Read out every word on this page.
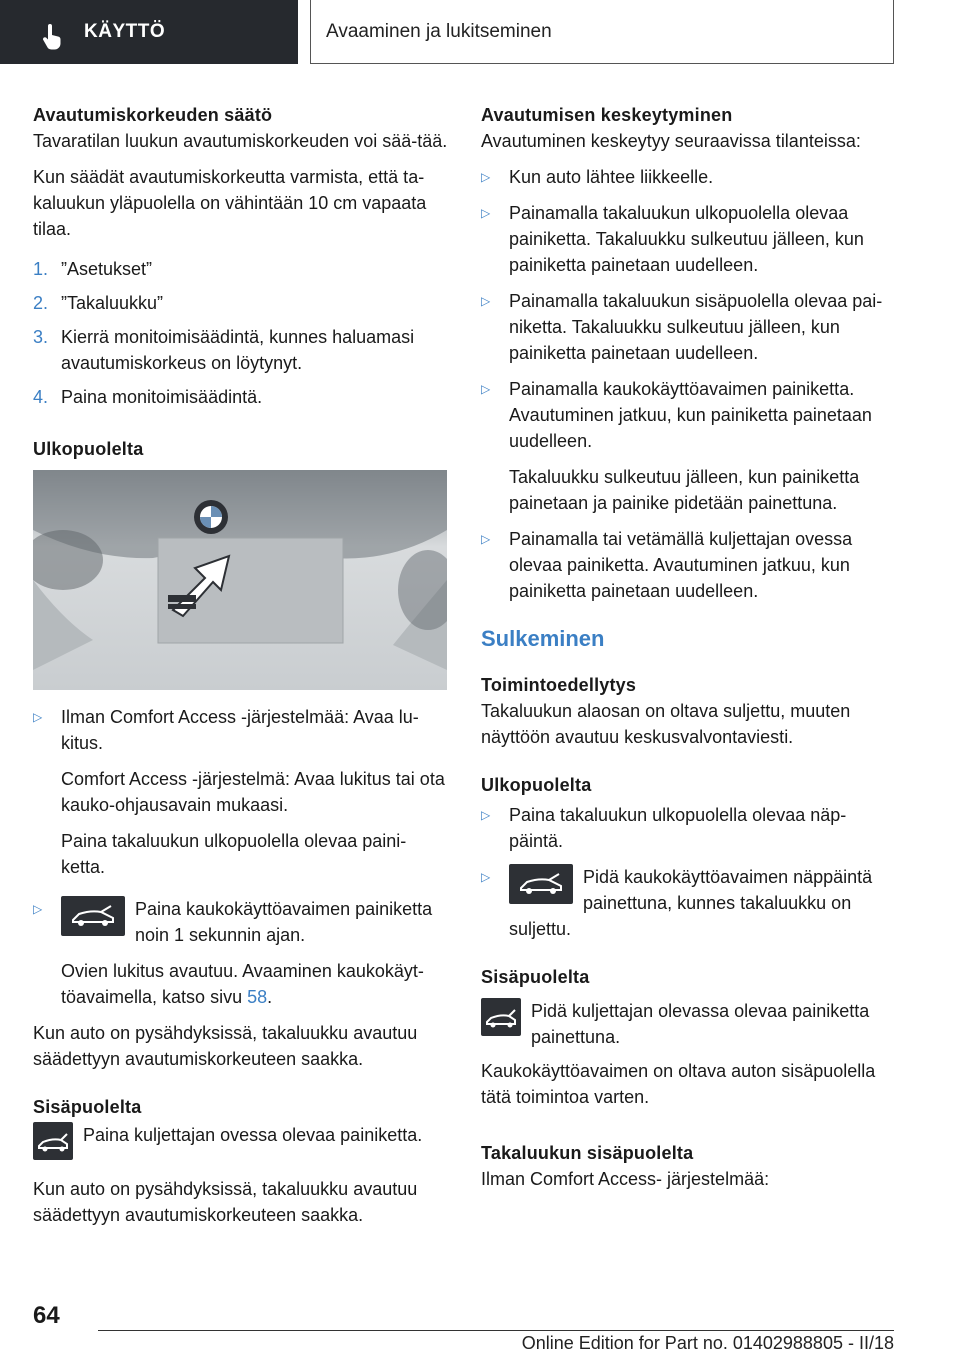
KÄYTTÖ	Avaaminen ja lukitseminen
Avautumiskorkeuden säätö

Tavaratilan luukun avautumiskorkeuden voi sää-tää.

Kun säädät avautumiskorkeutta varmista, että ta-kaluukun yläpuolella on vähintään 10 cm vapaata tilaa.

1. ”Asetukset”
2. ”Takaluukku”
3. Kierrä monitoimisäädintä, kunnes haluamasi avautumiskorkeus on löytynyt.
4. Paina monitoimisäädintä.
Ulkopuolelta
▷	Ilman Comfort Access -järjestelmää: Avaa lu-kitus.

Comfort Access -järjestelmä: Avaa lukitus tai ota kauko-ohjausavain mukaasi.

Paina takaluukun ulkopuolella olevaa paini-ketta.

▷	Paina kaukokäyttöavaimen painiketta noin 1 sekunnin ajan.

Ovien lukitus avautuu. Avaaminen kaukokäyt-töavaimella, katso sivu 58.

Kun auto on pysähdyksissä, takaluukku avautuu säädettyyn avautumiskorkeuteen saakka.

Sisäpuolelta
Paina kuljettajan ovessa olevaa painiketta.

Kun auto on pysähdyksissä, takaluukku avautuu säädettyyn avautumiskorkeuteen saakka.

Avautumisen keskeytyminen

Avautuminen keskeytyy seuraavissa tilanteissa:

▷	Kun auto lähtee liikkeelle.
▷	Painamalla takaluukun ulkopuolella olevaa painiketta. Takaluukku sulkeutuu jälleen, kun painiketta painetaan uudelleen.
▷	Painamalla takaluukun sisäpuolella olevaa pai-niketta. Takaluukku sulkeutuu jälleen, kun painiketta painetaan uudelleen.
▷	Painamalla kaukokäyttöavaimen painiketta. Avautuminen jatkuu, kun painiketta painetaan uudelleen.

Takaluukku sulkeutuu jälleen, kun painiketta painetaan ja painike pidetään painettuna.

▷	Painamalla tai vetämällä kuljettajan ovessa olevaa painiketta. Avautuminen jatkuu, kun painiketta painetaan uudelleen.
Sulkeminen
Toimintoedellytys

Takaluukun alaosan on oltava suljettu, muuten näyttöön avautuu keskusvalvontaviesti.

Ulkopuolelta
▷	Paina takaluukun ulkopuolella olevaa näp-päintä.
▷	Pidä kaukokäyttöavaimen näppäintä painettuna, kunnes takaluukku on

suljettu.

Sisäpuolelta
Pidä kuljettajan olevassa olevaa painiketta painettuna.

Kaukokäyttöavaimen on oltava auton sisäpuolella tätä toimintoa varten.

Takaluukun sisäpuolelta

Ilman Comfort Access- järjestelmää:

64
Online Edition for Part no. 01402988805 - II/18
